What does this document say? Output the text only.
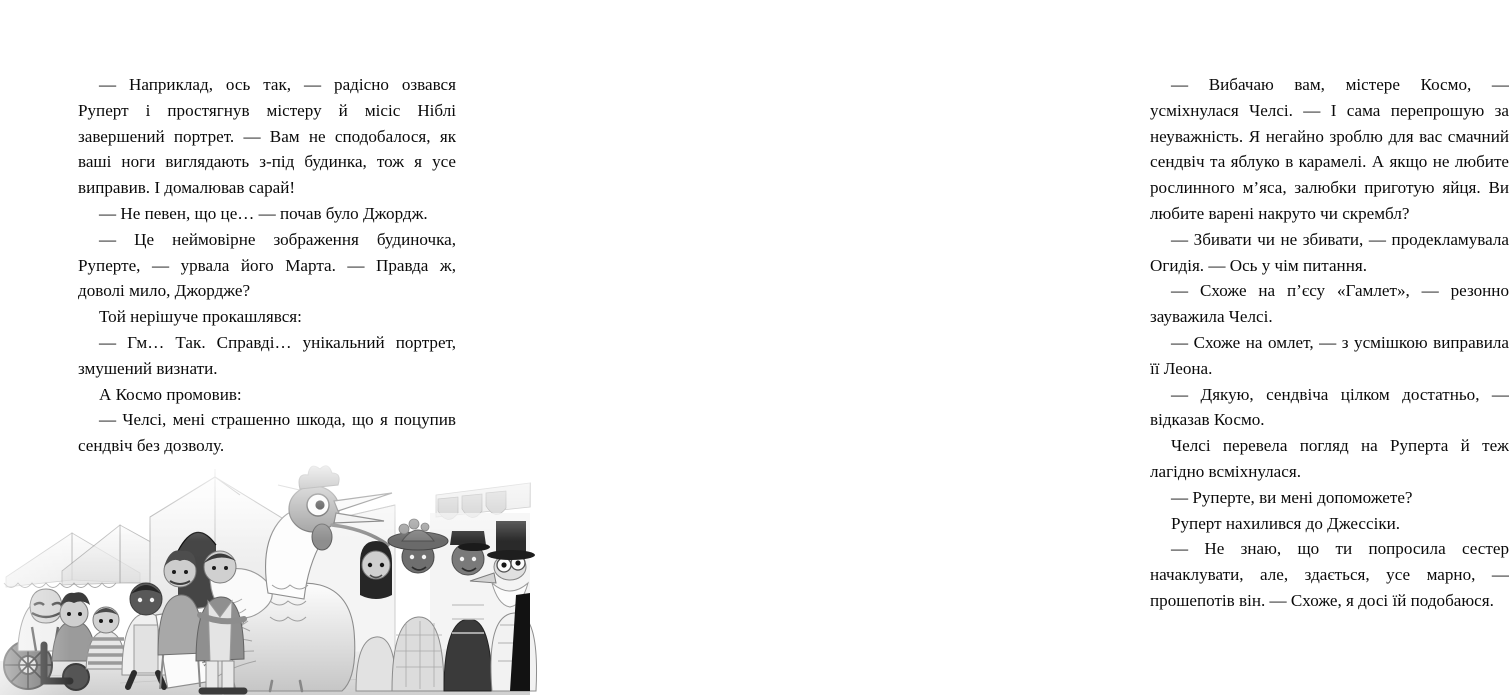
— Наприклад, ось так, — радісно озвався Руперт і простягнув містеру й місіс Ніблі завершений портрет. — Вам не сподобалося, як ваші ноги виглядають з-під будинка, тож я усе виправив. І домалював сарай!

— Не певен, що це… — почав було Джордж.

— Це неймовірне зображення будиночка, Руперте, — урвала його Марта. — Правда ж, доволі мило, Джордже?

Той нерішуче прокашлявся:

— Гм… Так. Справді… унікальний портрет, змушений визнати.

А Космо промовив:

— Челсі, мені страшенно шкода, що я поцупив сендвіч без дозволу.

— Вибачаю вам, містере Космо, — усміхнулася Челсі. — І сама перепрошую за неуважність. Я негайно зроблю для вас смачний сендвіч та яблуко в карамелі. А якщо не любите рослинного м’яса, залюбки приготую яйця. Ви любите варені накруто чи скрембл?

— Збивати чи не збивати, — продекламувала Огидія. — Ось у чім питання.

— Схоже на п’єсу «Гамлет», — резонно зауважила Челсі.

— Схоже на омлет, — з усмішкою виправила її Леона.

— Дякую, сендвіча цілком достатньо, — відказав Космо.

Челсі перевела погляд на Руперта й теж лагідно всміхнулася.

— Руперте, ви мені допоможете?

Руперт нахилився до Джессіки.

— Не знаю, що ти попросила сестер начаклувати, але, здається, усе марно, — прошепотів він. — Схоже, я досі їй подобаюся.
